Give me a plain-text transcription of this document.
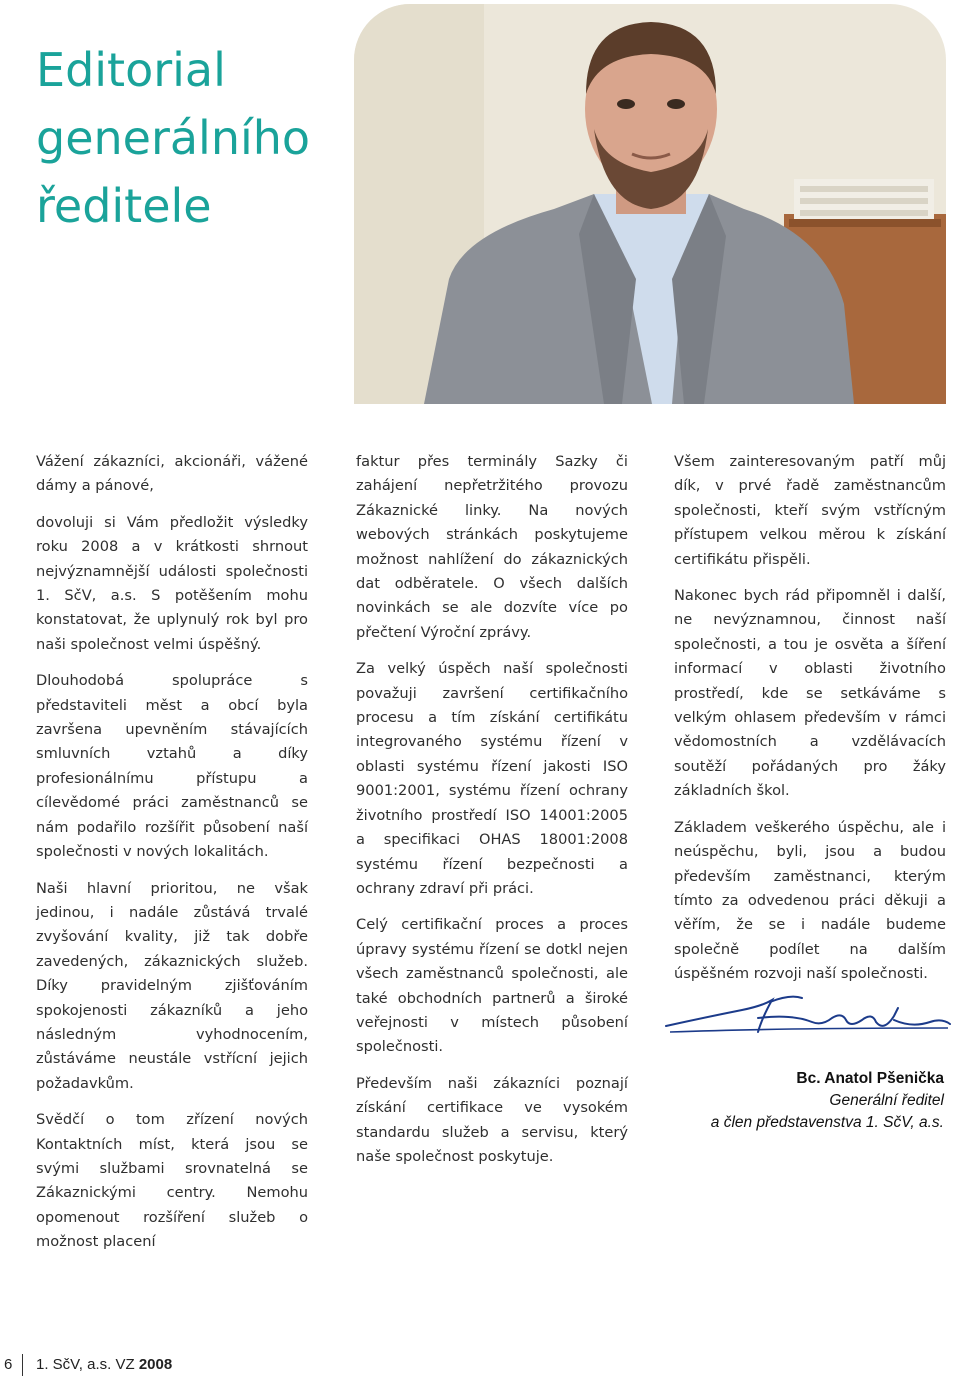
Editorial
generálního
ředitele

Vážení zákazníci, akcionáři, vážené dámy a pánové,

dovoluji si Vám předložit výsledky roku 2008 a v krátkosti shrnout nejvýznamnější události společnosti 1. SčV, a.s. S potěšením mohu konstatovat, že uplynulý rok byl pro naši společnost velmi úspěšný.

Dlouhodobá spolupráce s představiteli měst a obcí byla završena upevněním stávajících smluvních vztahů a díky profesionálnímu přístupu a cílevědomé práci zaměstnanců se nám podařilo rozšířit působení naší společnosti v nových lokalitách.

Naši hlavní prioritou, ne však jedinou, i nadále zůstává trvalé zvyšování kvality, již tak dobře zavedených, zákaznických služeb. Díky pravidelným zjišťováním spokojenosti zákazníků a jeho následným vyhodnocením, zůstáváme neustále vstřícní jejich požadavkům.

Svědčí o tom zřízení nových Kontaktních míst, která jsou se svými službami srovnatelná se Zákaznickými centry. Nemohu opomenout rozšíření služeb o možnost placení

faktur přes terminály Sazky či zahájení nepřetržitého provozu Zákaznické linky. Na nových webových stránkách poskytujeme možnost nahlížení do zákaznických dat odběratele. O všech dalších novinkách se ale dozvíte více po přečtení Výroční zprávy.

Za velký úspěch naší společnosti považuji završení certifikačního procesu a tím získání certifikátu integrovaného systému řízení v oblasti systému řízení jakosti ISO 9001:2001, systému řízení ochrany životního prostředí ISO 14001:2005 a specifikaci OHAS 18001:2008 systému řízení bezpečnosti a ochrany zdraví při práci.

Celý certifikační proces a proces úpravy systému řízení se dotkl nejen všech zaměstnanců společnosti, ale také obchodních partnerů a široké veřejnosti v místech působení společnosti.

Především naši zákazníci poznají získání certifikace ve vysokém standardu služeb a servisu, který naše společnost poskytuje.

Všem zainteresovaným patří můj dík, v prvé řadě zaměstnancům společnosti, kteří svým vstřícným přístupem velkou měrou k získání certifikátu přispěli.

Nakonec bych rád připomněl i další, ne nevýznamnou, činnost naší společnosti, a tou je osvěta a šíření informací v oblasti životního prostředí, kde se setkáváme s velkým ohlasem především v rámci vědomostních a vzdělávacích soutěží pořádaných pro žáky základních škol.

Základem veškerého úspěchu, ale i neúspěchu, byli, jsou a budou především zaměstnanci, kterým tímto za odvedenou práci děkuji a věřím, že se i nadále budeme společně podílet na dalším úspěšném rozvoji naší společnosti.

Bc. Anatol Pšenička
Generální ředitel
a člen představenstva 1. SčV, a.s.
6 1. SčV, a.s. VZ 2008
